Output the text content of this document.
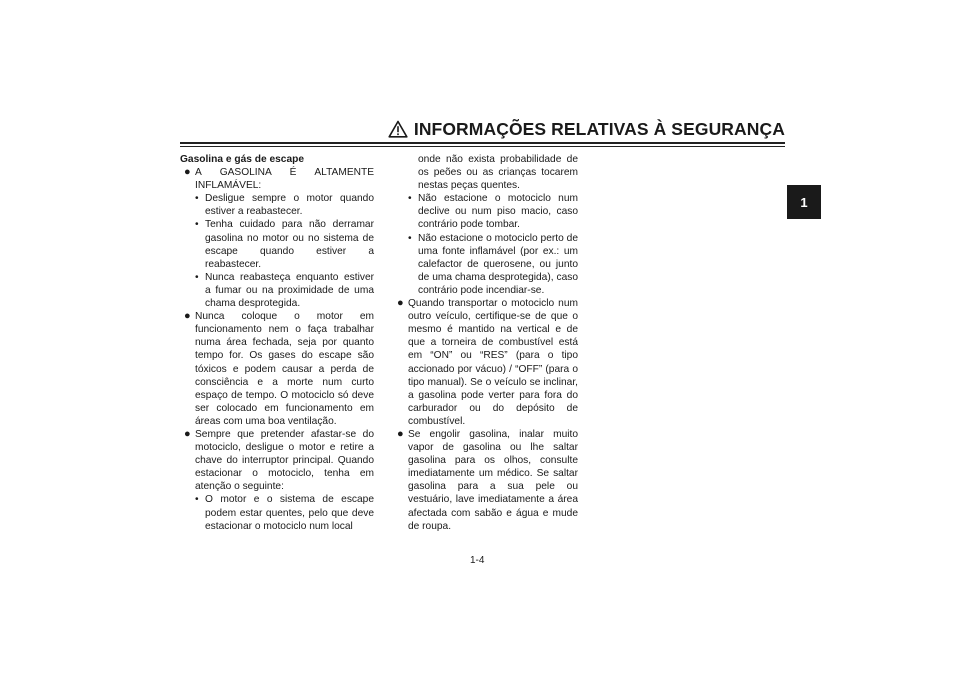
INFORMAÇÕES RELATIVAS À SEGURANÇA
1

Gasolina e gás de escape

● A GASOLINA É ALTAMENTE INFLAMÁVEL:
• Desligue sempre o motor quando estiver a reabastecer.
• Tenha cuidado para não derramar gasolina no motor ou no sistema de escape quando estiver a reabastecer.
• Nunca reabasteça enquanto estiver a fumar ou na proximidade de uma chama desprotegida.
● Nunca coloque o motor em funcionamento nem o faça trabalhar numa área fechada, seja por quanto tempo for. Os gases do escape são tóxicos e podem causar a perda de consciência e a morte num curto espaço de tempo. O motociclo só deve ser colocado em funcionamento em áreas com uma boa ventilação.
● Sempre que pretender afastar-se do motociclo, desligue o motor e retire a chave do interruptor principal. Quando estacionar o motociclo, tenha em atenção o seguinte:
• O motor e o sistema de escape podem estar quentes, pelo que deve estacionar o motociclo num local
onde não exista probabilidade de os peões ou as crianças tocarem nestas peças quentes.
• Não estacione o motociclo num declive ou num piso macio, caso contrário pode tombar.
• Não estacione o motociclo perto de uma fonte inflamável (por ex.: um calefactor de querosene, ou junto de uma chama desprotegida), caso contrário pode incendiar-se.
● Quando transportar o motociclo num outro veículo, certifique-se de que o mesmo é mantido na vertical e de que a torneira de combustível está em “ON” ou “RES” (para o tipo accionado por vácuo) / “OFF” (para o tipo manual). Se o veículo se inclinar, a gasolina pode verter para fora do carburador ou do depósito de combustível.
● Se engolir gasolina, inalar muito vapor de gasolina ou lhe saltar gasolina para os olhos, consulte imediatamente um médico. Se saltar gasolina para a sua pele ou vestuário, lave imediatamente a área afectada com sabão e água e mude de roupa.
1-4
